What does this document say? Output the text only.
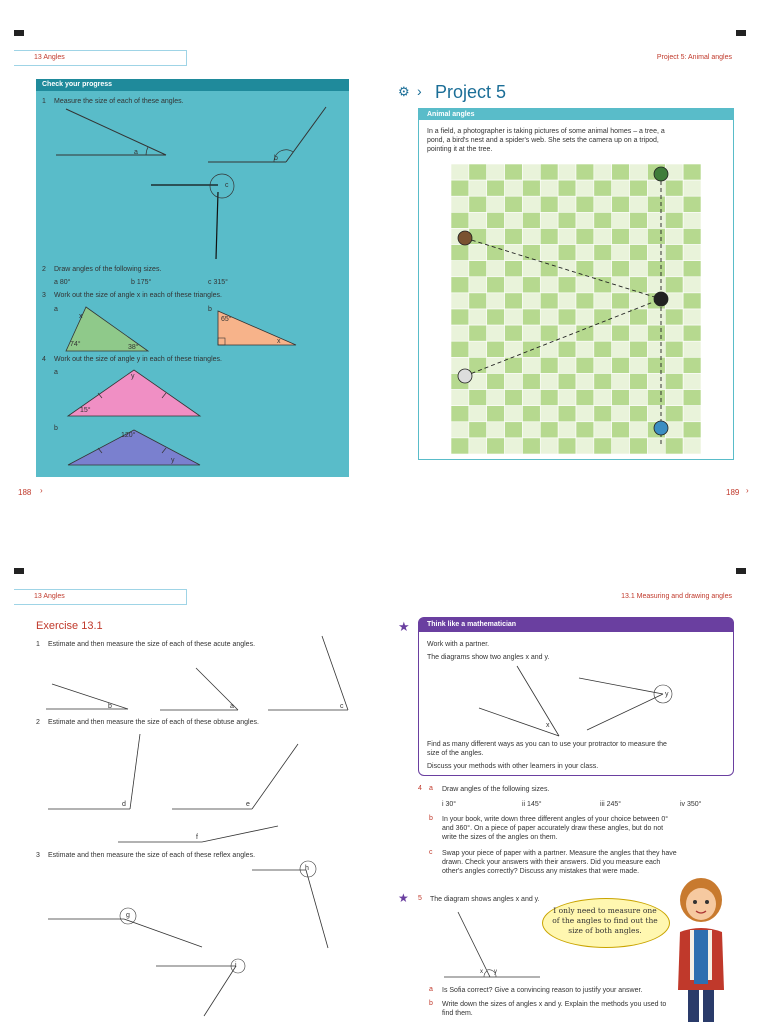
13 Angles	Project 5: Animal angles
Check your progress
1 Measure the size of each of these angles.
a
b
c
2 Draw angles of the following sizes.
a 80°	b 175°	c 315°
3 Work out the size of angle x in each of these triangles.
a	b
x
74°	38°
65°
x
4 Work out the size of angle y in each of these triangles.
a
b
y
15°
120°
y
⚙ › Project 5
Animal angles
In a field, a photographer is taking pictures of some animal homes – a tree, a pond, a bird's nest and a spider's web. She sets the camera up on a tripod, pointing it at the tree.
188 ›	189 ›
13 Angles	13.1 Measuring and drawing angles
Exercise 13.1
1 Estimate and then measure the size of each of these acute angles.
2 Estimate and then measure the size of each of these obtuse angles.
3 Estimate and then measure the size of each of these reflex angles.
b	a	c
d	e
f
g
h
i
★ Think like a mathematician
Work with a partner.
The diagrams show two angles x and y.
x
y
Find as many different ways as you can to use your protractor to measure the size of the angles.
Discuss your methods with other learners in your class.
4 a Draw angles of the following sizes.
i 30°	ii 145°	iii 245°	iv 350°
b In your book, write down three different angles of your choice between 0° and 360°. On a piece of paper accurately draw these angles, but do not write the sizes of the angles on them.
c Swap your piece of paper with a partner. Measure the angles that they have drawn. Check your answers with their answers. Did you measure each other's angles correctly? Discuss any mistakes that were made.
★ 5 The diagram shows angles x and y.
x y
I only need to measure one of the angles to find out the size of both angles.
a Is Sofia correct? Give a convincing reason to justify your answer.
b Write down the sizes of angles x and y. Explain the methods you used to find them.
